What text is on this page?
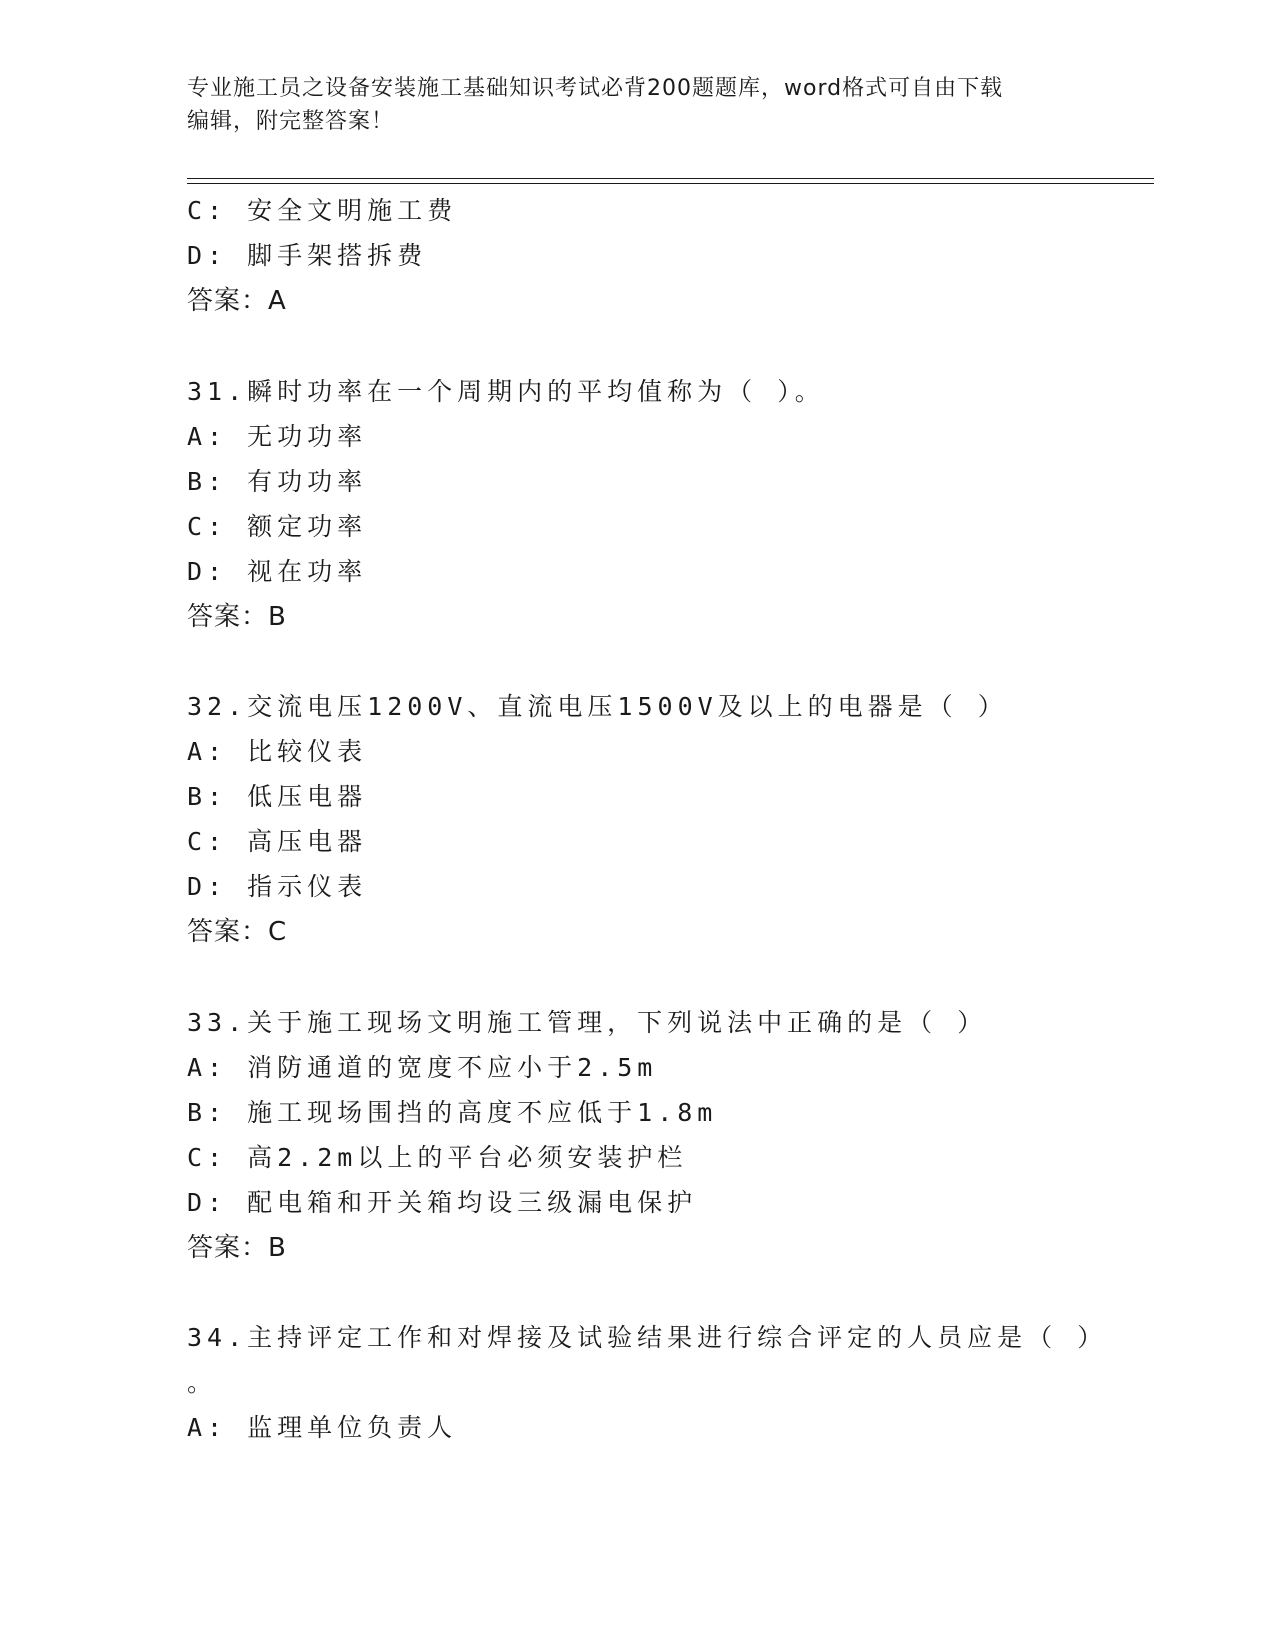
专业施工员之设备安装施工基础知识考试必背200题题库，word格式可自由下载
编辑，附完整答案！
C: 安全文明施工费
D: 脚手架搭拆费
答案：A
31.瞬时功率在一个周期内的平均值称为（ ）。
A: 无功功率
B: 有功功率
C: 额定功率
D: 视在功率
答案：B
32.交流电压1200V、直流电压1500V及以上的电器是（ ）
A: 比较仪表
B: 低压电器
C: 高压电器
D: 指示仪表
答案：C
33.关于施工现场文明施工管理，下列说法中正确的是（ ）
A: 消防通道的宽度不应小于2.5m
B: 施工现场围挡的高度不应低于1.8m
C: 高2.2m以上的平台必须安装护栏
D: 配电箱和开关箱均设三级漏电保护
答案：B
34.主持评定工作和对焊接及试验结果进行综合评定的人员应是（ ）
。
A: 监理单位负责人
